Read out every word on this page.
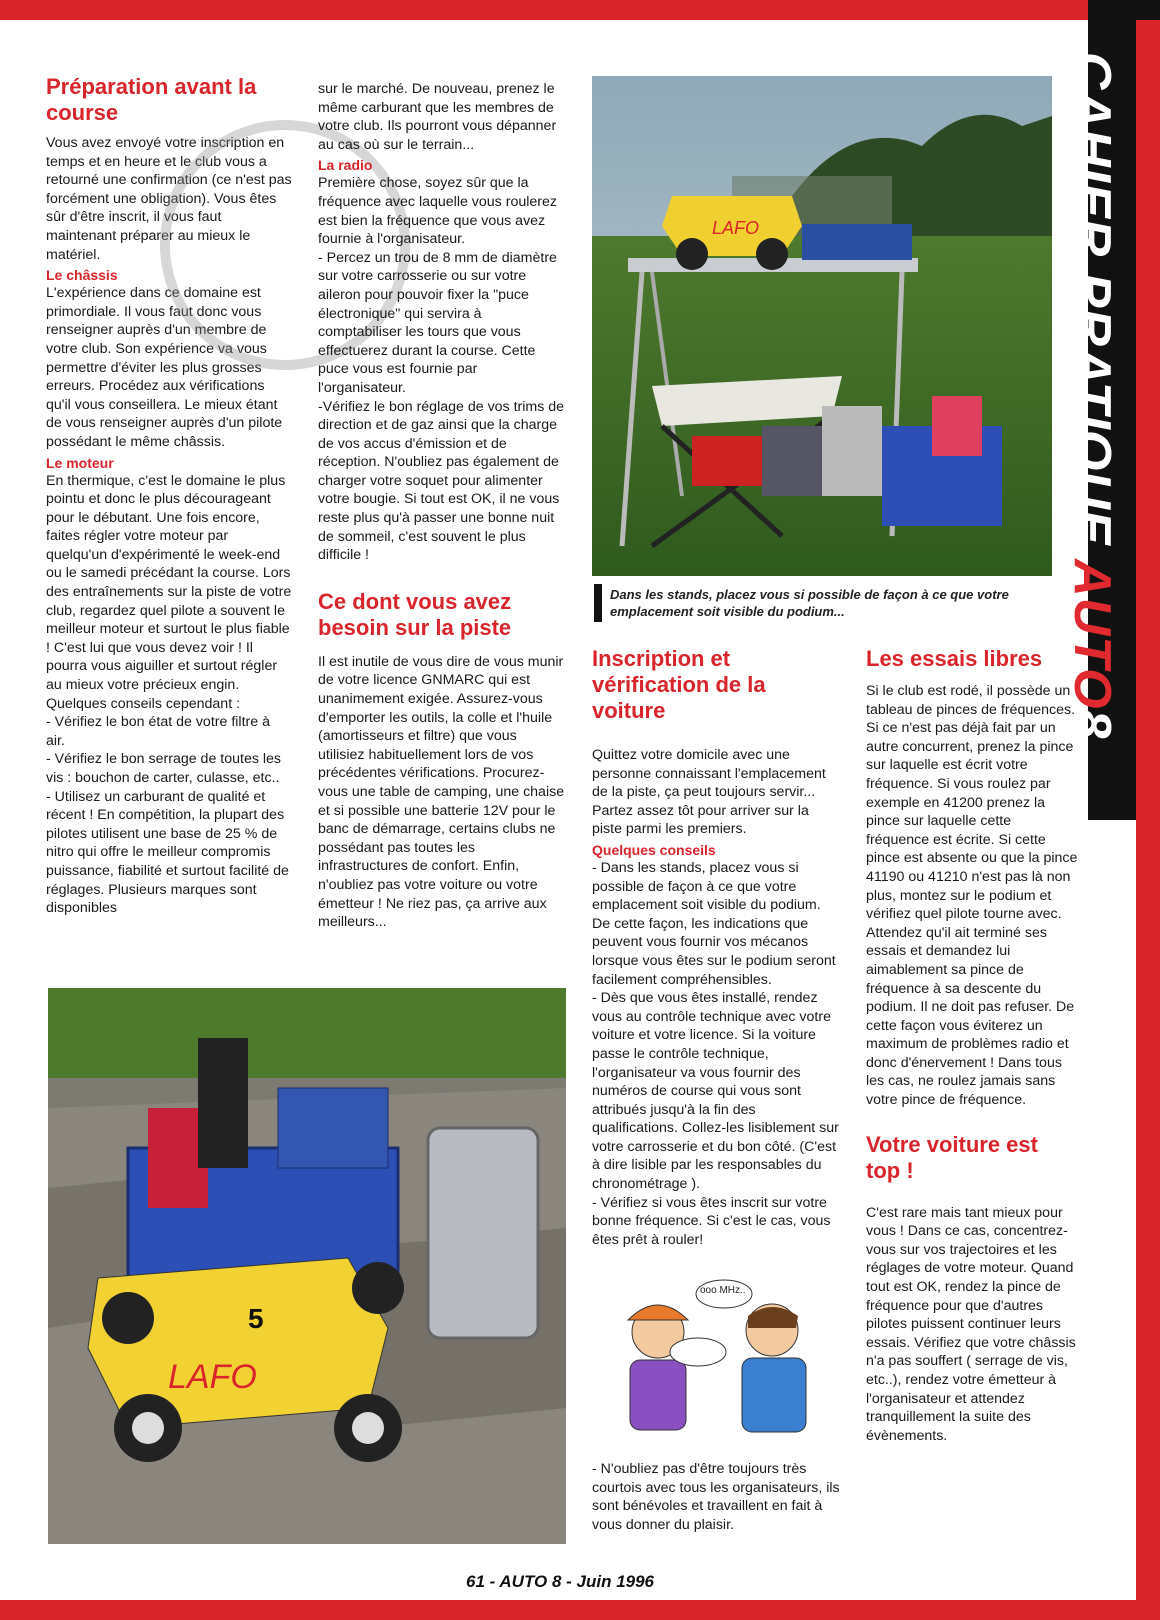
CAHIER PRATIQUE AUTO8
Préparation avant la course

Vous avez envoyé votre inscription en temps et en heure et le club vous a retourné une confirmation (ce n'est pas forcément une obligation). Vous êtes sûr d'être inscrit, il vous faut maintenant préparer au mieux le matériel.

Le châssis

L'expérience dans ce domaine est primordiale. Il vous faut donc vous renseigner auprès d'un membre de votre club. Son expérience va vous permettre d'éviter les plus grosses erreurs. Procédez aux vérifications qu'il vous conseillera. Le mieux étant de vous renseigner auprès d'un pilote possédant le même châssis.

Le moteur

En thermique, c'est le domaine le plus pointu et donc le plus décourageant pour le débutant. Une fois encore, faites régler votre moteur par quelqu'un d'expérimenté le week-end ou le samedi précédant la course. Lors des entraînements sur la piste de votre club, regardez quel pilote a souvent le meilleur moteur et surtout le plus fiable ! C'est lui que vous devez voir ! Il pourra vous aiguiller et surtout régler au mieux votre précieux engin. Quelques conseils cependant :

- Vérifiez le bon état de votre filtre à air.

- Vérifiez le bon serrage de toutes les vis : bouchon de carter, culasse, etc..

- Utilisez un carburant de qualité et récent ! En compétition, la plupart des pilotes utilisent une base de 25 % de nitro qui offre le meilleur compromis puissance, fiabilité et surtout facilité de réglages. Plusieurs marques sont disponibles

sur le marché. De nouveau, prenez le même carburant que les membres de votre club. Ils pourront vous dépanner au cas où sur le terrain...

La radio

Première chose, soyez sûr que la fréquence avec laquelle vous roulerez est bien la fréquence que vous avez fournie à l'organisateur.

- Percez un trou de 8 mm de diamètre sur votre carrosserie ou sur votre aileron pour pouvoir fixer la "puce électronique" qui servira à comptabiliser les tours que vous effectuerez durant la course. Cette puce vous est fournie par l'organisateur.

-Vérifiez le bon réglage de vos trims de direction et de gaz ainsi que la charge de vos accus d'émission et de réception. N'oubliez pas également de charger votre soquet pour alimenter votre bougie. Si tout est OK, il ne vous reste plus qu'à passer une bonne nuit de sommeil, c'est souvent le plus difficile !

Ce dont vous avez besoin sur la piste

Il est inutile de vous dire de vous munir de votre licence GNMARC qui est unanimement exigée. Assurez-vous d'emporter les outils, la colle et l'huile (amortisseurs et filtre) que vous utilisiez habituellement lors de vos précédentes vérifications. Procurez-vous une table de camping, une chaise et si possible une batterie 12V pour le banc de démarrage, certains clubs ne possédant pas toutes les infrastructures de confort. Enfin, n'oubliez pas votre voiture ou votre émetteur ! Ne riez pas, ça arrive aux meilleurs...

LAFO
Dans les stands, placez vous si possible de façon à ce que votre emplacement soit visible du podium...
Inscription et vérification de la voiture

Quittez votre domicile avec une personne connaissant l'emplacement de la piste, ça peut toujours servir... Partez assez tôt pour arriver sur la piste parmi les premiers.

Quelques conseils

- Dans les stands, placez vous si possible de façon à ce que votre emplacement soit visible du podium. De cette façon, les indications que peuvent vous fournir vos mécanos lorsque vous êtes sur le podium seront facilement compréhensibles.

- Dès que vous êtes installé, rendez vous au contrôle technique avec votre voiture et votre licence. Si la voiture passe le contrôle technique, l'organisateur va vous fournir des numéros de course qui vous sont attribués jusqu'à la fin des qualifications. Collez-les lisiblement sur votre carrosserie et du bon côté. (C'est à dire lisible par les responsables du chronométrage ).

- Vérifiez si vous êtes inscrit sur votre bonne fréquence. Si c'est le cas, vous êtes prêt à rouler!

ooo MHz..

- N'oubliez pas d'être toujours très courtois avec tous les organisateurs, ils sont bénévoles et travaillent en fait à vous donner du plaisir.

Les essais libres

Si le club est rodé, il possède un tableau de pinces de fréquences. Si ce n'est pas déjà fait par un autre concurrent, prenez la pince sur laquelle est écrit votre fréquence. Si vous roulez par exemple en 41200 prenez la pince sur laquelle cette fréquence est écrite. Si cette pince est absente ou que la pince 41190 ou 41210 n'est pas là non plus, montez sur le podium et vérifiez quel pilote tourne avec. Attendez qu'il ait terminé ses essais et demandez lui aimablement sa pince de fréquence à sa descente du podium. Il ne doit pas refuser. De cette façon vous éviterez un maximum de problèmes radio et donc d'énervement ! Dans tous les cas, ne roulez jamais sans votre pince de fréquence.

Votre voiture est top !

C'est rare mais tant mieux pour vous ! Dans ce cas, concentrez-vous sur vos trajectoires et les réglages de votre moteur. Quand tout est OK, rendez la pince de fréquence pour que d'autres pilotes puissent continuer leurs essais. Vérifiez que votre châssis n'a pas souffert ( serrage de vis, etc..), rendez votre émetteur à l'organisateur et attendez tranquillement la suite des évènements.

LAFO
5
61 - AUTO 8 - Juin 1996
